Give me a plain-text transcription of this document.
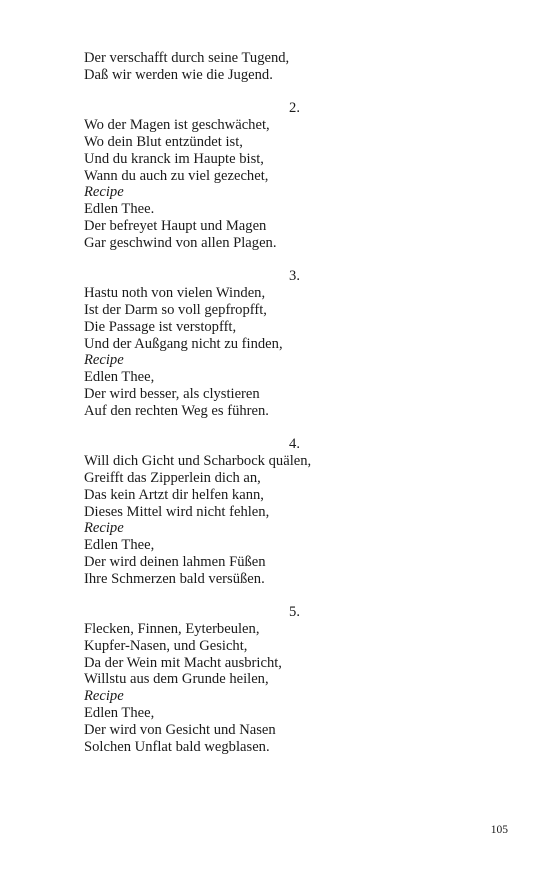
Der verschafft durch seine Tugend,
Daß wir werden wie die Jugend.
2.
Wo der Magen ist geschwächet,
Wo dein Blut entzündet ist,
Und du kranck im Haupte bist,
Wann du auch zu viel gezechet,
Recipe
Edlen Thee.
Der befreyet Haupt und Magen
Gar geschwind von allen Plagen.
3.
Hastu noth von vielen Winden,
Ist der Darm so voll gepfropfft,
Die Passage ist verstopfft,
Und der Außgang nicht zu finden,
Recipe
Edlen Thee,
Der wird besser, als clystieren
Auf den rechten Weg es führen.
4.
Will dich Gicht und Scharbock quälen,
Greifft das Zipperlein dich an,
Das kein Artzt dir helfen kann,
Dieses Mittel wird nicht fehlen,
Recipe
Edlen Thee,
Der wird deinen lahmen Füßen
Ihre Schmerzen bald versüßen.
5.
Flecken, Finnen, Eyterbeulen,
Kupfer-Nasen, und Gesicht,
Da der Wein mit Macht ausbricht,
Willstu aus dem Grunde heilen,
Recipe
Edlen Thee,
Der wird von Gesicht und Nasen
Solchen Unflat bald wegblasen.
105
